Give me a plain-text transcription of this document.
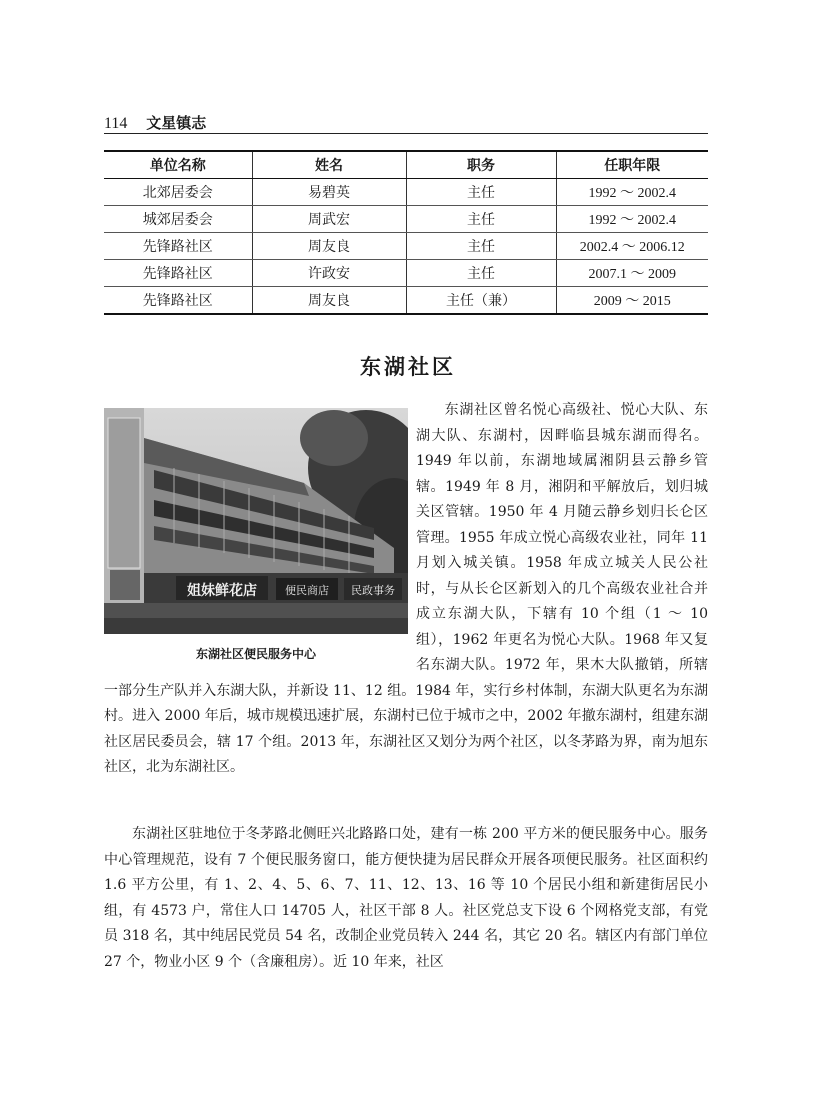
114 文星镇志
单位名称	姓名	职务	任职年限
北郊居委会	易碧英	主任	1992 ～ 2002.4
城郊居委会	周武宏	主任	1992 ～ 2002.4
先锋路社区	周友良	主任	2002.4 ～ 2006.12
先锋路社区	许政安	主任	2007.1 ～ 2009
先锋路社区	周友良	主任（兼）	2009 ～ 2015
东湖社区
姐妹鲜花店	便民商店 民政事务
东湖社区便民服务中心

东湖社区曾名悦心高级社、悦心大队、东湖大队、东湖村，因畔临县城东湖而得名。1949 年以前，东湖地域属湘阴县云静乡管辖。1949 年 8 月，湘阴和平解放后，划归城关区管辖。1950 年 4 月随云静乡划归长仑区管理。1955 年成立悦心高级农业社，同年 11 月划入城关镇。1958 年成立城关人民公社时，与从长仑区新划入的几个高级农业社合并成立东湖大队，下辖有 10 个组（1 ～ 10 组），1962 年更名为悦心大队。1968 年又复名东湖大队。1972 年，果木大队撤销，所辖一部分生产队并入东湖大队，并新设 11、12 组。1984 年，实行乡村体制，东湖大队更名为东湖村。进入 2000 年后，城市规模迅速扩展，东湖村已位于城市之中，2002 年撤东湖村，组建东湖社区居民委员会，辖 17 个组。2013 年，东湖社区又划分为两个社区，以冬茅路为界，南为旭东社区，北为东湖社区。

东湖社区驻地位于冬茅路北侧旺兴北路路口处，建有一栋 200 平方米的便民服务中心。服务中心管理规范，设有 7 个便民服务窗口，能方便快捷为居民群众开展各项便民服务。社区面积约 1.6 平方公里，有 1、2、4、5、6、7、11、12、13、16 等 10 个居民小组和新建街居民小组，有 4573 户，常住人口 14705 人，社区干部 8 人。社区党总支下设 6 个网格党支部，有党员 318 名，其中纯居民党员 54 名，改制企业党员转入 244 名，其它 20 名。辖区内有部门单位 27 个，物业小区 9 个（含廉租房）。近 10 年来，社区
